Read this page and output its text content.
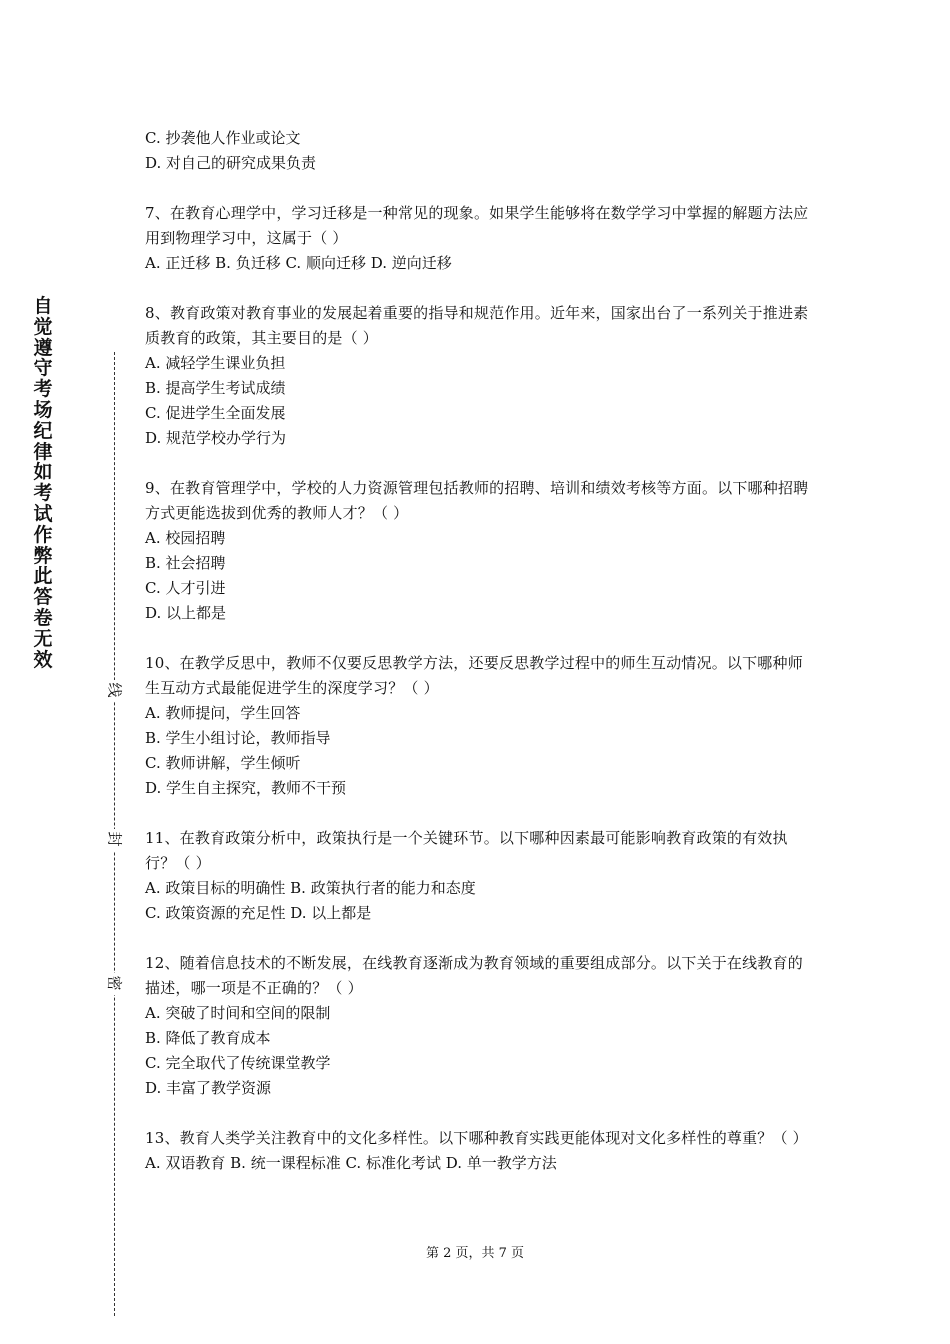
自觉遵守考场纪律如考试作弊此答卷无效
线
封
密
C. 抄袭他人作业或论文
D. 对自己的研究成果负责
7、在教育心理学中，学习迁移是一种常见的现象。如果学生能够将在数学学习中掌握的解题方法应用到物理学习中，这属于（ ）
A. 正迁移 B. 负迁移 C. 顺向迁移 D. 逆向迁移
8、教育政策对教育事业的发展起着重要的指导和规范作用。近年来，国家出台了一系列关于推进素质教育的政策，其主要目的是（ ）
A. 减轻学生课业负担
B. 提高学生考试成绩
C. 促进学生全面发展
D. 规范学校办学行为
9、在教育管理学中，学校的人力资源管理包括教师的招聘、培训和绩效考核等方面。以下哪种招聘方式更能选拔到优秀的教师人才？（ ）
A. 校园招聘
B. 社会招聘
C. 人才引进
D. 以上都是
10、在教学反思中，教师不仅要反思教学方法，还要反思教学过程中的师生互动情况。以下哪种师生互动方式最能促进学生的深度学习？（ ）
A. 教师提问，学生回答
B. 学生小组讨论，教师指导
C. 教师讲解，学生倾听
D. 学生自主探究，教师不干预
11、在教育政策分析中，政策执行是一个关键环节。以下哪种因素最可能影响教育政策的有效执行？（ ）
A. 政策目标的明确性 B. 政策执行者的能力和态度
C. 政策资源的充足性 D. 以上都是
12、随着信息技术的不断发展，在线教育逐渐成为教育领域的重要组成部分。以下关于在线教育的描述，哪一项是不正确的？（ ）
A. 突破了时间和空间的限制
B. 降低了教育成本
C. 完全取代了传统课堂教学
D. 丰富了教学资源
13、教育人类学关注教育中的文化多样性。以下哪种教育实践更能体现对文化多样性的尊重？（ ）
A. 双语教育 B. 统一课程标准 C. 标准化考试 D. 单一教学方法
第 2 页，共 7 页
